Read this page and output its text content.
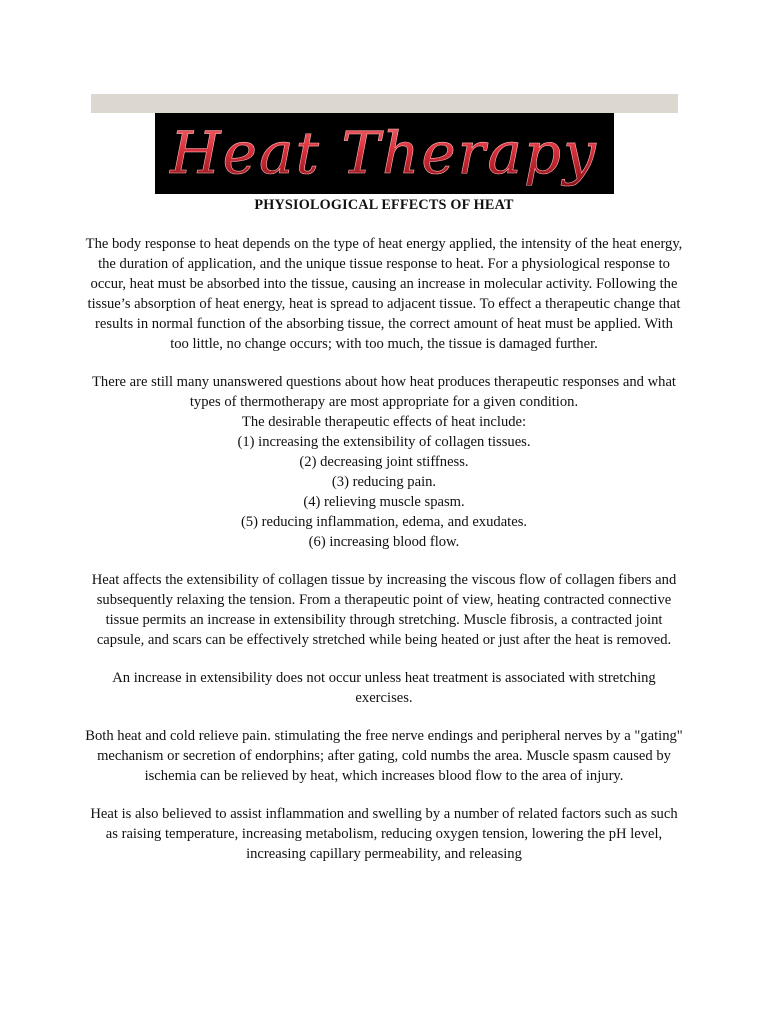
Heat Therapy
PHYSIOLOGICAL EFFECTS OF HEAT
The body response to heat depends on the type of heat energy applied, the intensity of the heat energy, the duration of application, and the unique tissue response to heat. For a physiological response to occur, heat must be absorbed into the tissue, causing an increase in molecular activity. Following the tissue’s absorption of heat energy, heat is spread to adjacent tissue. To effect a therapeutic change that results in normal function of the absorbing tissue, the correct amount of heat must be applied. With too little, no change occurs; with too much, the tissue is damaged further.
There are still many unanswered questions about how heat produces therapeutic responses and what types of thermotherapy are most appropriate for a given condition.
The desirable therapeutic effects of heat include:
(1) increasing the extensibility of collagen tissues.
(2) decreasing joint stiffness.
(3) reducing pain.
(4) relieving muscle spasm.
(5) reducing inflammation, edema, and exudates.
(6) increasing blood flow.
Heat affects the extensibility of collagen tissue by increasing the viscous flow of collagen fibers and subsequently relaxing the tension. From a therapeutic point of view, heating contracted connective tissue permits an increase in extensibility through stretching. Muscle fibrosis, a contracted joint capsule, and scars can be effectively stretched while being heated or just after the heat is removed.
An increase in extensibility does not occur unless heat treatment is associated with stretching exercises.
Both heat and cold relieve pain. stimulating the free nerve endings and peripheral nerves by a "gating" mechanism or secretion of endorphins; after gating, cold numbs the area. Muscle spasm caused by ischemia can be relieved by heat, which increases blood flow to the area of injury.
Heat is also believed to assist inflammation and swelling by a number of related factors such as such as raising temperature, increasing metabolism, reducing oxygen tension, lowering the pH level, increasing capillary permeability, and releasing
